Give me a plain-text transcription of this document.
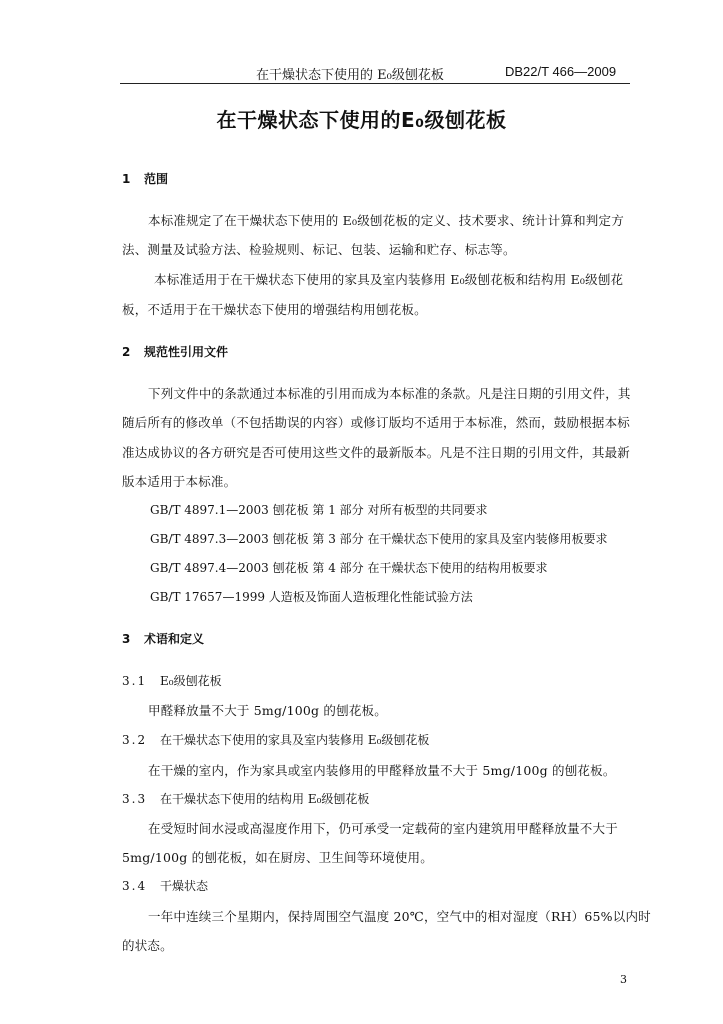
在干燥状态下使用的 E₀级刨花板	DB22/T 466—2009
在干燥状态下使用的E₀级刨花板
1 范围
本标准规定了在干燥状态下使用的 E₀级刨花板的定义、技术要求、统计计算和判定方
法、测量及试验方法、检验规则、标记、包装、运输和贮存、标志等。
本标准适用于在干燥状态下使用的家具及室内装修用 E₀级刨花板和结构用 E₀级刨花
板，不适用于在干燥状态下使用的增强结构用刨花板。
2 规范性引用文件
下列文件中的条款通过本标准的引用而成为本标准的条款。凡是注日期的引用文件，其
随后所有的修改单（不包括勘误的内容）或修订版均不适用于本标准，然而，鼓励根据本标
准达成协议的各方研究是否可使用这些文件的最新版本。凡是不注日期的引用文件，其最新
版本适用于本标准。
GB/T 4897.1—2003 刨花板 第 1 部分 对所有板型的共同要求
GB/T 4897.3—2003 刨花板 第 3 部分 在干燥状态下使用的家具及室内装修用板要求
GB/T 4897.4—2003 刨花板 第 4 部分 在干燥状态下使用的结构用板要求
GB/T 17657—1999 人造板及饰面人造板理化性能试验方法
3 术语和定义
3.1 E₀级刨花板
甲醛释放量不大于 5mg/100g 的刨花板。
3.2 在干燥状态下使用的家具及室内装修用 E₀级刨花板
在干燥的室内，作为家具或室内装修用的甲醛释放量不大于 5mg/100g 的刨花板。
3.3 在干燥状态下使用的结构用 E₀级刨花板
在受短时间水浸或高湿度作用下，仍可承受一定载荷的室内建筑用甲醛释放量不大于
5mg/100g 的刨花板，如在厨房、卫生间等环境使用。
3.4 干燥状态
一年中连续三个星期内，保持周围空气温度 20℃，空气中的相对湿度（RH）65%以内时
的状态。
3
